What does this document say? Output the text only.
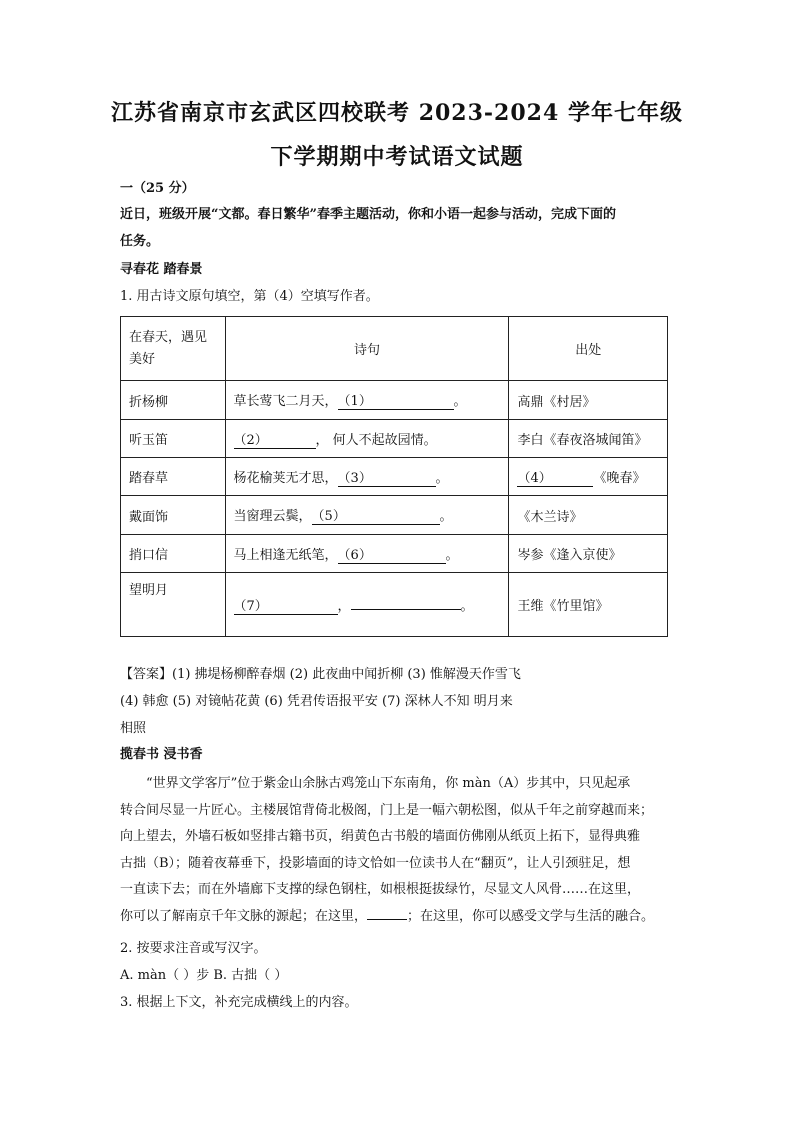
江苏省南京市玄武区四校联考 2023-2024 学年七年级
下学期期中考试语文试题
一（25 分）
近日，班级开展“文都。春日繁华”春季主题活动，你和小语一起参与活动，完成下面的
任务。
寻春花 踏春景
1. 用古诗文原句填空，第（4）空填写作者。
在春天，遇见美好	诗句	出处
折杨柳	草长莺飞二月天，（1） 。	高鼎《村居》
听玉笛	（2） ， 何人不起故园情。	李白《春夜洛城闻笛》
踏春草	杨花榆荚无才思，（3） 。	（4） 《晚春》
戴面饰	当窗理云鬓，（5） 。	《木兰诗》
捎口信	马上相逢无纸笔，（6） 。	岑参《逢入京使》
望明月	（7） ， 。	王维《竹里馆》
【答案】(1) 拂堤杨柳醉春烟 (2) 此夜曲中闻折柳 (3) 惟解漫天作雪飞
(4) 韩愈 (5) 对镜帖花黄 (6) 凭君传语报平安 (7) 深林人不知 明月来
相照
揽春书 浸书香
“世界文学客厅”位于紫金山余脉古鸡笼山下东南角，你 màn（A）步其中，只见起承
转合间尽显一片匠心。主楼展馆背倚北极阁，门上是一幅六朝松图，似从千年之前穿越而来；
向上望去，外墙石板如竖排古籍书页，绢黄色古书般的墙面仿佛刚从纸页上拓下，显得典雅
古拙（B）；随着夜幕垂下，投影墙面的诗文恰如一位读书人在“翻页”，让人引颈驻足，想
一直读下去；而在外墙廊下支撑的绿色钢柱，如根根挺拔绿竹，尽显文人风骨……在这里，
你可以了解南京千年文脉的源起；在这里，	；在这里，你可以感受文学与生活的融合。
2. 按要求注音或写汉字。
A. màn（ ）步 B. 古拙（ ）
3. 根据上下文，补充完成横线上的内容。
